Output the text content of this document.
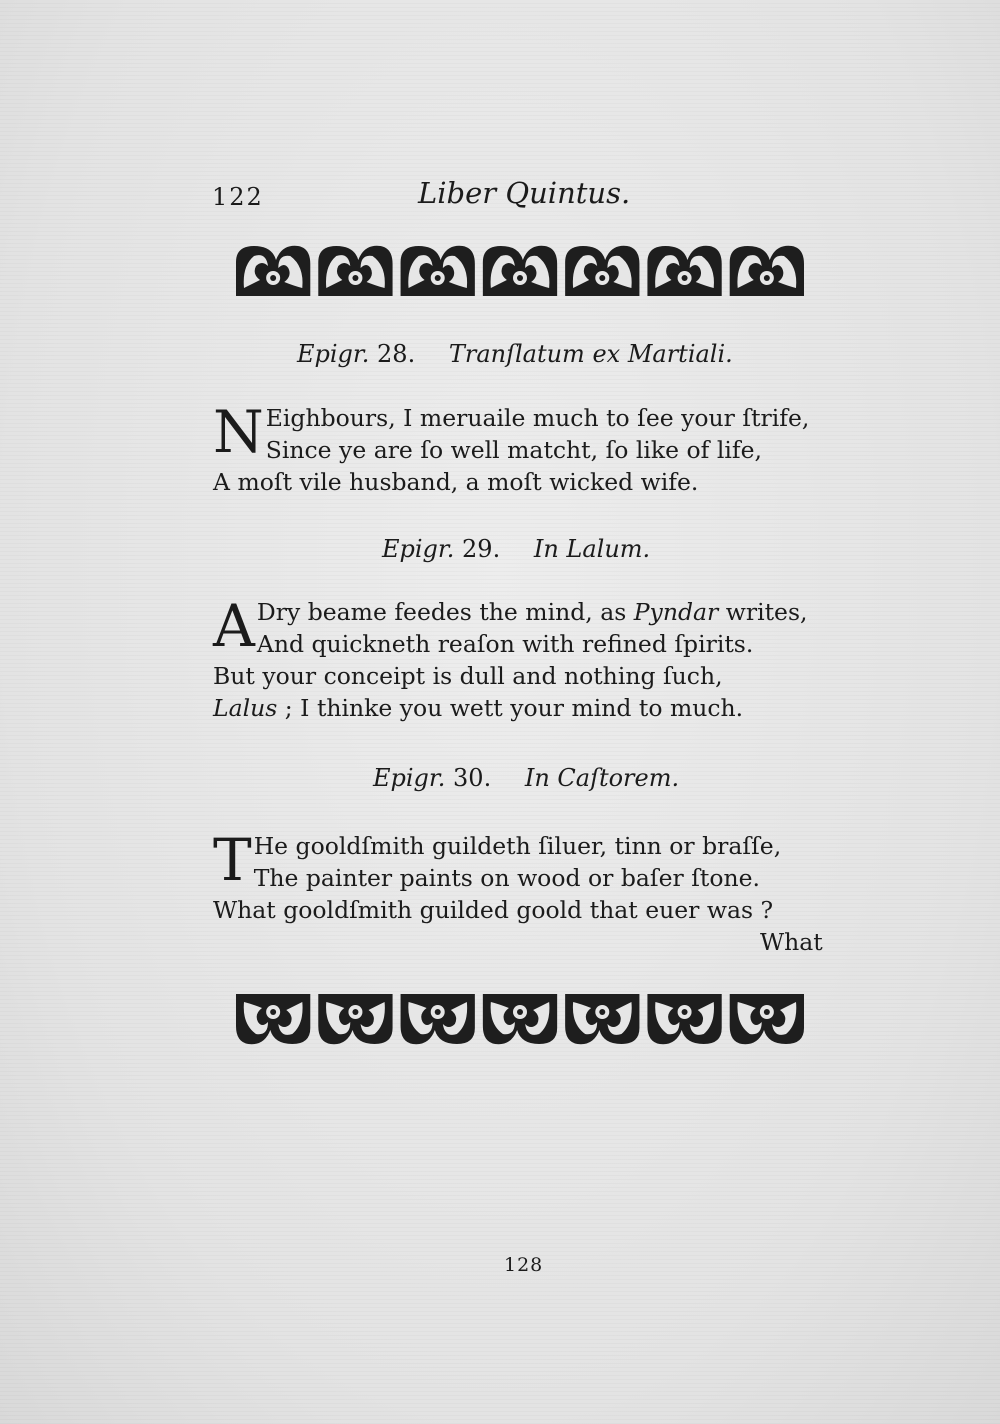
122	Liber Quintus.
Epigr. 28. Tranſlatum ex Martiali.
N Eighbours, I meruaile much to ſee your ſtrife,
Since ye are ſo well matcht, ſo like of life,
A moſt vile husband, a moſt wicked wife.
Epigr. 29. In Lalum.
A Dry beame feedes the mind, as Pyndar writes,
And quickneth reaſon with refined ſpirits.
But your conceipt is dull and nothing ſuch,
Lalus ; I thinke you wett your mind to much.
Epigr. 30. In Caſtorem.
T He gooldſmith guildeth ſiluer, tinn or braſſe,
The painter paints on wood or baſer ſtone.
What gooldſmith guilded goold that euer was ?
What
128
